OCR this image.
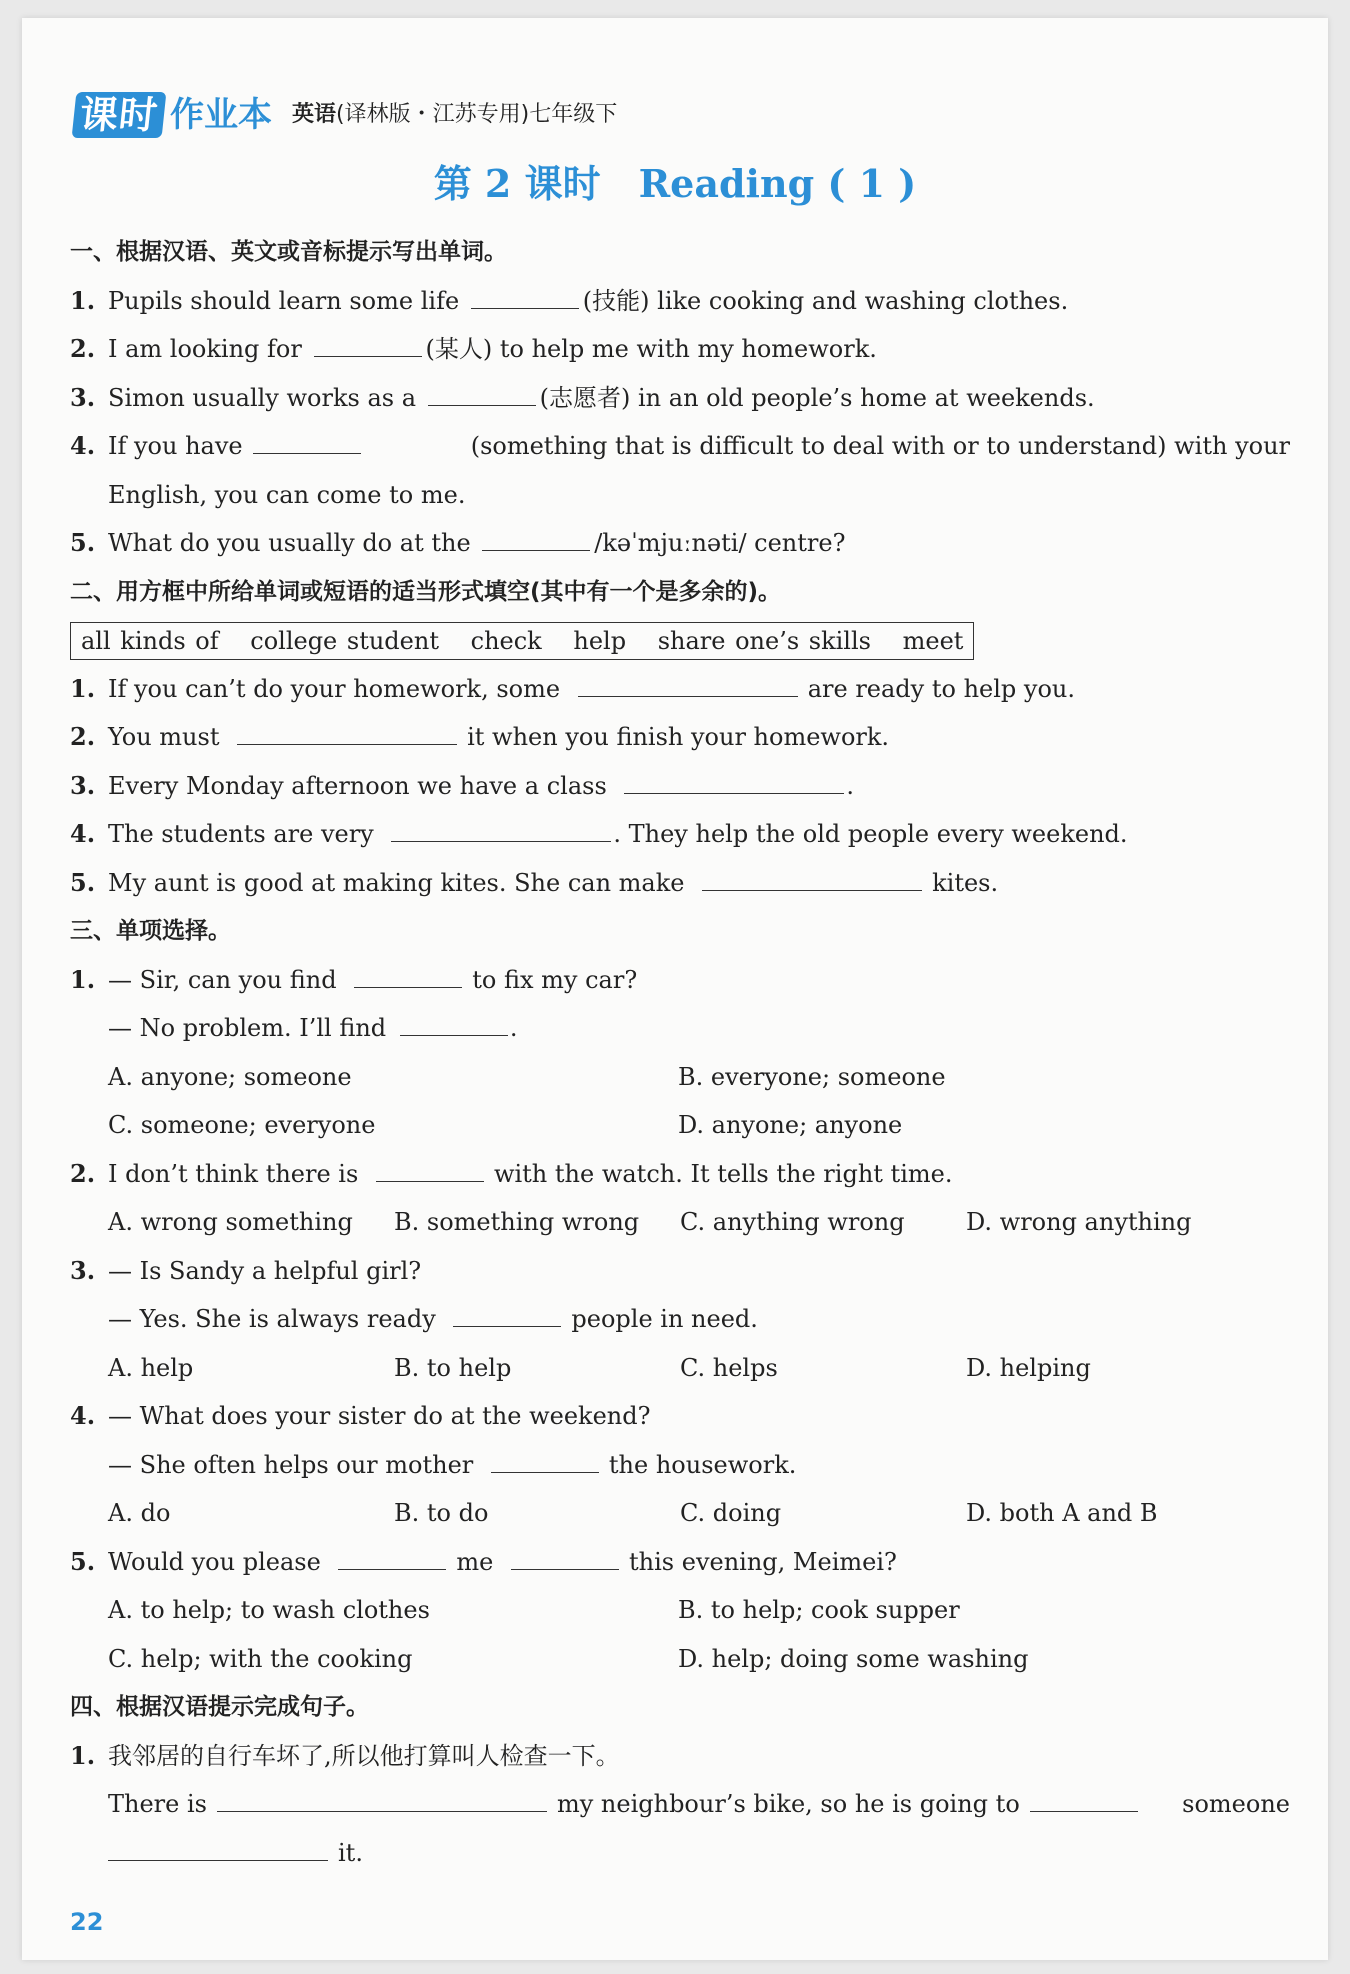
课时 作业本 英语(译林版・江苏专用)七年级下
第 2 课时　Reading ( 1 )
一、根据汉语、英文或音标提示写出单词。
1. Pupils should learn some life	(技能) like cooking and washing clothes.
2. I am looking for	(某人) to help me with my homework.
3. Simon usually works as a	(志愿者) in an old people’s home at weekends.
4. If you have	(something that is difficult to deal with or to understand) with your
English, you can come to me.
5. What do you usually do at the	/kəˈmjuːnəti/ centre?
二、用方框中所给单词或短语的适当形式填空(其中有一个是多余的)。
all kinds of college student check help share one’s skills meet
1. If you can’t do your homework, some	are ready to help you.
2. You must	it when you finish your homework.
3. Every Monday afternoon we have a class	.
4. The students are very	. They help the old people every weekend.
5. My aunt is good at making kites. She can make	kites.
三、单项选择。
1. — Sir, can you find	to fix my car?
— No problem. I’ll find	.
A. anyone; someone	B. everyone; someone
C. someone; everyone	D. anyone; anyone
2. I don’t think there is	with the watch. It tells the right time.
A. wrong something	B. something wrong	C. anything wrong	D. wrong anything
3. — Is Sandy a helpful girl?
— Yes. She is always ready	people in need.
A. help	B. to help	C. helps	D. helping
4. — What does your sister do at the weekend?
— She often helps our mother	the housework.
A. do	B. to do	C. doing	D. both A and B
5. Would you please	me	this evening, Meimei?
A. to help; to wash clothes	B. to help; cook supper
C. help; with the cooking	D. help; doing some washing
四、根据汉语提示完成句子。
1. 我邻居的自行车坏了,所以他打算叫人检查一下。
There is	my neighbour’s bike, so he is going to	someone
it.
22
